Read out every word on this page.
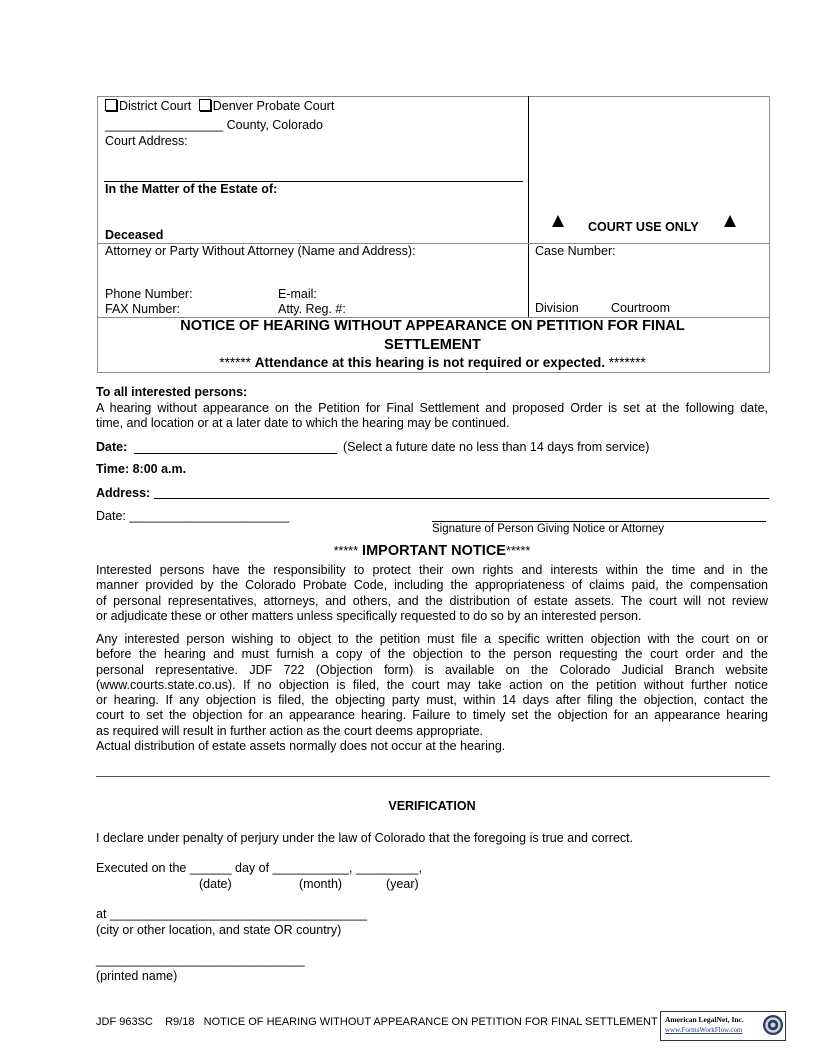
District Court Denver Probate Court
_________________ County, Colorado
Court Address:
In the Matter of the Estate of:
Deceased
COURT USE ONLY
Attorney or Party Without Attorney (Name and Address):
Phone Number:	E-mail:
FAX Number:	Atty. Reg. #:
Case Number:
Division	Courtroom
NOTICE OF HEARING WITHOUT APPEARANCE ON PETITION FOR FINAL
SETTLEMENT
****** Attendance at this hearing is not required or expected. *******
To all interested persons:
A hearing without appearance on the Petition for Final Settlement and proposed Order is set at the following date,
time, and location or at a later date to which the hearing may be continued.
Date:	(Select a future date no less than 14 days from service)
Time: 8:00 a.m.
Address:
Date: _______________________
Signature of Person Giving Notice or Attorney
***** IMPORTANT NOTICE*****
Interested persons have the responsibility to protect their own rights and interests within the time and in the
manner provided by the Colorado Probate Code, including the appropriateness of claims paid, the compensation
of personal representatives, attorneys, and others, and the distribution of estate assets. The court will not review
or adjudicate these or other matters unless specifically requested to do so by an interested person.
Any interested person wishing to object to the petition must file a specific written objection with the court on or
before the hearing and must furnish a copy of the objection to the person requesting the court order and the
personal representative. JDF 722 (Objection form) is available on the Colorado Judicial Branch website
(www.courts.state.co.us). If no objection is filed, the court may take action on the petition without further notice
or hearing. If any objection is filed, the objecting party must, within 14 days after filing the objection, contact the
court to set the objection for an appearance hearing. Failure to timely set the objection for an appearance hearing
as required will result in further action as the court deems appropriate.
Actual distribution of estate assets normally does not occur at the hearing.
VERIFICATION
I declare under penalty of perjury under the law of Colorado that the foregoing is true and correct.
Executed on the ______ day of ___________, _________,
(date)	(month)	(year)
at _____________________________________
(city or other location, and state OR country)
______________________________
(printed name)
JDF 963SC R9/18 NOTICE OF HEARING WITHOUT APPEARANCE ON PETITION FOR FINAL SETTLEMENT American LegalNet, Inc.
www.FormsWorkFlow.com
